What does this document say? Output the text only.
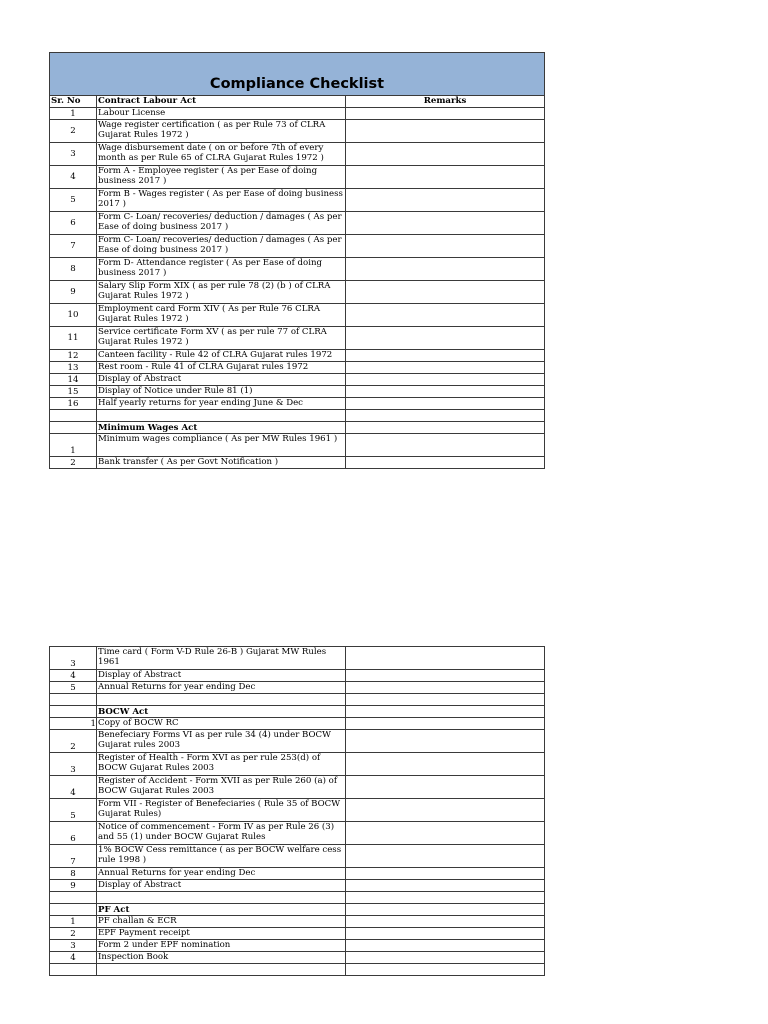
Compliance Checklist		
Sr. No	Contract Labour Act	Remarks
1	Labour License	
2	Wage register certification ( as per Rule 73 of CLRA Gujarat Rules 1972 )	
3	Wage disbursement date ( on or before 7th of every month as per Rule 65 of CLRA Gujarat Rules 1972 )	
4	Form A - Employee register ( As per Ease of doing business 2017 )	
5	Form B - Wages register ( As per Ease of doing business 2017 )	
6	Form C- Loan/ recoveries/ deduction / damages ( As per Ease of doing business 2017 )	
7	Form C- Loan/ recoveries/ deduction / damages ( As per Ease of doing business 2017 )	
8	Form D- Attendance register ( As per Ease of doing business 2017 )	
9	Salary Slip Form XIX ( as per rule 78 (2) (b ) of CLRA Gujarat Rules 1972 )	
10	Employment card Form XIV ( As per Rule 76 CLRA Gujarat Rules 1972 )	
11	Service certificate Form XV ( as per rule 77 of CLRA Gujarat Rules 1972 )	
12	Canteen facility - Rule 42 of CLRA Gujarat rules 1972	
13	Rest room - Rule 41 of CLRA Gujarat rules 1972	
14	Display of Abstract	
15	Display of Notice under Rule 81 (1)	
16	Half yearly returns for year ending June & Dec	

	Minimum Wages Act	
1	Minimum wages compliance ( As per MW Rules 1961 )	
2	Bank transfer ( As per Govt Notification )	
3	Time card ( Form V-D Rule 26-B ) Gujarat MW Rules 1961	
4	Display of Abstract	
5	Annual Returns for year ending Dec	

	BOCW Act	
1	Copy of BOCW RC	
2	Benefeciary Forms VI as per rule 34 (4) under BOCW Gujarat rules 2003	
3	Register of Health - Form XVI as per rule 253(d) of BOCW Gujarat Rules 2003	
4	Register of Accident - Form XVII as per Rule 260 (a) of BOCW Gujarat Rules 2003	
5	Form VII - Register of Benefeciaries ( Rule 35 of BOCW Gujarat Rules)	
6	Notice of commencement - Form IV as per Rule 26 (3) and 55 (1) under BOCW Gujarat Rules	
7	1% BOCW Cess remittance ( as per BOCW welfare cess rule 1998 )	
8	Annual Returns for year ending Dec	
9	Display of Abstract	

	PF Act	
1	PF challan & ECR	
2	EPF Payment receipt	
3	Form 2 under EPF nomination	
4	Inspection Book	
